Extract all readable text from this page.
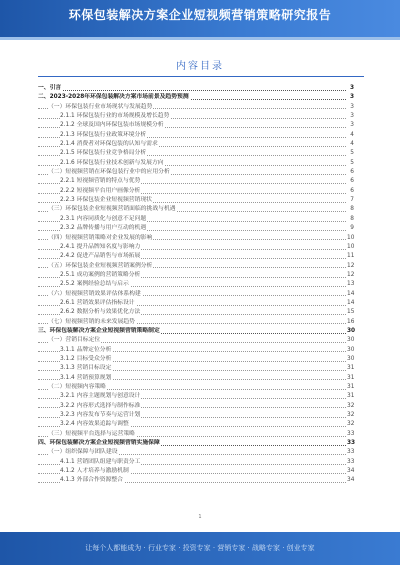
环保包装解决方案企业短视频营销策略研究报告
内容目录
一、引言	3
二、2023-2028年环保包装解决方案市场前景及趋势预测	3
（一）环保包装行业市场现状与发展趋势	3
2.1.1 环保包装行业的市场规模及增长趋势	3
2.1.2 全球及国内环保包装市场规模分析	3
2.1.3 环保包装行业政策环境分析	4
2.1.4 消费者对环保包装的认知与需求	4
2.1.5 环保包装行业竞争格局分析	5
2.1.6 环保包装行业技术创新与发展方向	5
（二）短视频营销在环保包装行业中的应用分析	6
2.2.1 短视频营销的特点与优势	6
2.2.2 短视频平台用户画像分析	6
2.2.3 环保包装企业短视频营销现状	7
（三）环保包装企业短视频营销面临的挑战与机遇	8
2.3.1 内容同质化与创意不足问题	8
2.3.2 品牌传播与用户互动的机遇	9
（四）短视频营销策略对企业发展的影响	10
2.4.1 提升品牌知名度与影响力	10
2.4.2 促进产品销售与市场拓展	11
（五）环保包装企业短视频营销案例分析	12
2.5.1 成功案例的营销策略分析	12
2.5.2 案例经验总结与启示	13
（六）短视频营销效果评估体系构建	14
2.6.1 营销效果评估指标设计	14
2.6.2 数据分析与效果优化方法	15
（七）短视频营销的未来发展趋势	16
三、环保包装解决方案企业短视频营销策略制定	30
（一）营销目标定位	30
3.1.1 品牌定位分析	30
3.1.2 目标受众分析	30
3.1.3 营销目标设定	31
3.1.4 营销预算规划	31
（二）短视频内容策略	31
3.2.1 内容主题规划与创意设计	31
3.2.2 内容形式选择与制作标准	32
3.2.3 内容发布节奏与运营计划	32
3.2.4 内容效果追踪与调整	32
（三）短视频平台选择与运营策略	33
四、环保包装解决方案企业短视频营销实施保障	33
（一）组织保障与团队建设	33
4.1.1 营销团队组建与职责分工	33
4.1.2 人才培养与激励机制	34
4.1.3 外部合作资源整合	34
1
让每个人都能成为 · 行业专家 · 投资专家 · 营销专家 · 战略专家 · 创业专家
